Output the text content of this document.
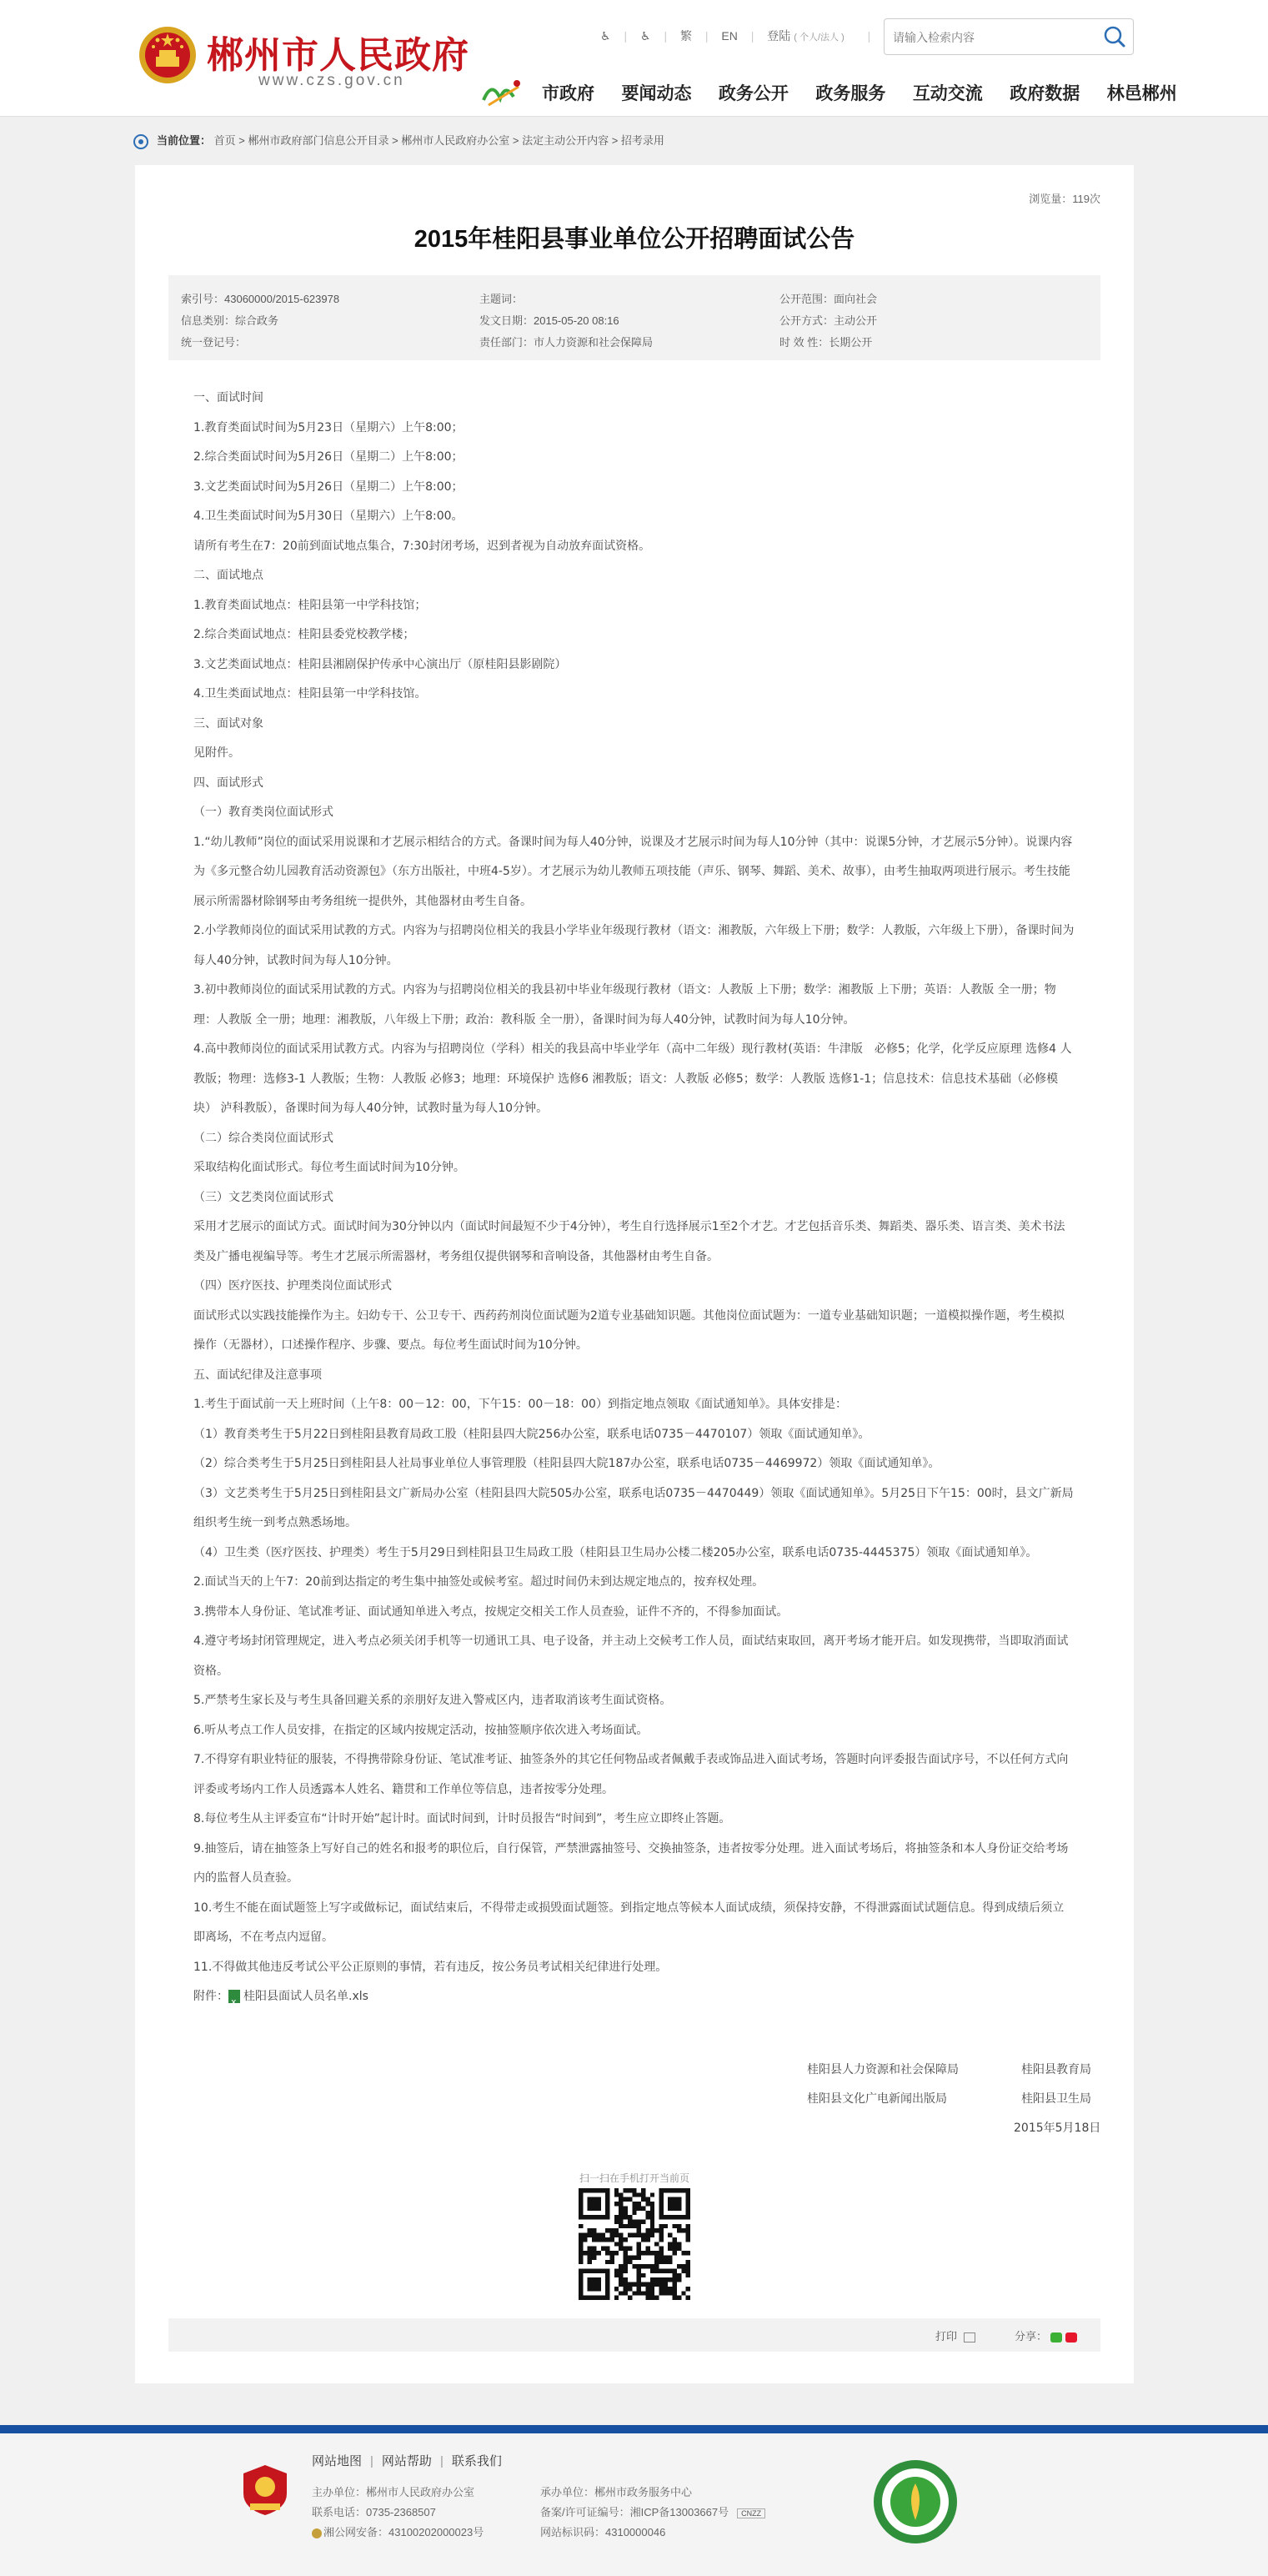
郴州市人民政府
www.czs.gov.cn
♿︎ | ♿ | 繁 | EN | 登陆 ( 个人/法人 ) |
请输入检索内容
市政府 要闻动态 政务公开 政务服务 互动交流 政府数据 林邑郴州
当前位置： 首页 > 郴州市政府部门信息公开目录 > 郴州市人民政府办公室 > 法定主动公开内容 > 招考录用
浏览量：119次
2015年桂阳县事业单位公开招聘面试公告
索引号：43060000/2015-623978
信息类别：综合政务
统一登记号：
主题词：
发文日期：2015-05-20 08:16
责任部门：市人力资源和社会保障局
公开范围：面向社会
公开方式：主动公开
时 效 性：长期公开

一、面试时间

1.教育类面试时间为5月23日（星期六）上午8:00；

2.综合类面试时间为5月26日（星期二）上午8:00；

3.文艺类面试时间为5月26日（星期二）上午8:00；

4.卫生类面试时间为5月30日（星期六）上午8:00。

请所有考生在7：20前到面试地点集合，7:30封闭考场，迟到者视为自动放弃面试资格。

二、面试地点

1.教育类面试地点：桂阳县第一中学科技馆；

2.综合类面试地点：桂阳县委党校教学楼；

3.文艺类面试地点：桂阳县湘剧保护传承中心演出厅（原桂阳县影剧院）

4.卫生类面试地点：桂阳县第一中学科技馆。

三、面试对象

见附件。

四、面试形式

（一）教育类岗位面试形式

1.“幼儿教师”岗位的面试采用说课和才艺展示相结合的方式。备课时间为每人40分钟，说课及才艺展示时间为每人10分钟（其中：说课5分钟，才艺展示5分钟）。说课内容为《多元整合幼儿园教育活动资源包》（东方出版社，中班4-5岁）。才艺展示为幼儿教师五项技能（声乐、钢琴、舞蹈、美术、故事），由考生抽取两项进行展示。考生技能展示所需器材除钢琴由考务组统一提供外，其他器材由考生自备。

2.小学教师岗位的面试采用试教的方式。内容为与招聘岗位相关的我县小学毕业年级现行教材（语文：湘教版，六年级上下册；数学：人教版，六年级上下册），备课时间为每人40分钟，试教时间为每人10分钟。

3.初中教师岗位的面试采用试教的方式。内容为与招聘岗位相关的我县初中毕业年级现行教材（语文：人教版 上下册；数学：湘教版 上下册；英语：人教版 全一册；物理：人教版 全一册；地理：湘教版，八年级上下册；政治：教科版 全一册），备课时间为每人40分钟，试教时间为每人10分钟。

4.高中教师岗位的面试采用试教方式。内容为与招聘岗位（学科）相关的我县高中毕业学年（高中二年级）现行教材(英语：牛津版　必修5；化学，化学反应原理 选修4 人教版；物理：选修3-1 人教版；生物：人教版 必修3；地理：环境保护 选修6 湘教版；语文：人教版 必修5；数学：人教版 选修1-1；信息技术：信息技术基础（必修模块） 泸科教版），备课时间为每人40分钟，试教时量为每人10分钟。

（二）综合类岗位面试形式

采取结构化面试形式。每位考生面试时间为10分钟。

（三）文艺类岗位面试形式

采用才艺展示的面试方式。面试时间为30分钟以内（面试时间最短不少于4分钟），考生自行选择展示1至2个才艺。才艺包括音乐类、舞蹈类、器乐类、语言类、美术书法类及广播电视编导等。考生才艺展示所需器材，考务组仅提供钢琴和音响设备，其他器材由考生自备。

（四）医疗医技、护理类岗位面试形式

面试形式以实践技能操作为主。妇幼专干、公卫专干、西药药剂岗位面试题为2道专业基础知识题。其他岗位面试题为：一道专业基础知识题；一道模拟操作题，考生模拟操作（无器材），口述操作程序、步骤、要点。每位考生面试时间为10分钟。

五、面试纪律及注意事项

1.考生于面试前一天上班时间（上午8：00－12：00，下午15：00－18：00）到指定地点领取《面试通知单》。具体安排是：

（1）教育类考生于5月22日到桂阳县教育局政工股（桂阳县四大院256办公室，联系电话0735－4470107）领取《面试通知单》。

（2）综合类考生于5月25日到桂阳县人社局事业单位人事管理股（桂阳县四大院187办公室，联系电话0735－4469972）领取《面试通知单》。

（3）文艺类考生于5月25日到桂阳县文广新局办公室（桂阳县四大院505办公室，联系电话0735－4470449）领取《面试通知单》。5月25日下午15：00时，县文广新局组织考生统一到考点熟悉场地。

（4）卫生类（医疗医技、护理类）考生于5月29日到桂阳县卫生局政工股（桂阳县卫生局办公楼二楼205办公室，联系电话0735-4445375）领取《面试通知单》。

2.面试当天的上午7：20前到达指定的考生集中抽签处或候考室。超过时间仍未到达规定地点的，按弃权处理。

3.携带本人身份证、笔试准考证、面试通知单进入考点，按规定交相关工作人员查验，证件不齐的，不得参加面试。

4.遵守考场封闭管理规定，进入考点必须关闭手机等一切通讯工具、电子设备，并主动上交候考工作人员，面试结束取回，离开考场才能开启。如发现携带，当即取消面试资格。

5.严禁考生家长及与考生具备回避关系的亲朋好友进入警戒区内，违者取消该考生面试资格。

6.听从考点工作人员安排，在指定的区域内按规定活动，按抽签顺序依次进入考场面试。

7.不得穿有职业特征的服装，不得携带除身份证、笔试准考证、抽签条外的其它任何物品或者佩戴手表或饰品进入面试考场，答题时向评委报告面试序号，不以任何方式向评委或考场内工作人员透露本人姓名、籍贯和工作单位等信息，违者按零分处理。

8.每位考生从主评委宣布“计时开始”起计时。面试时间到，计时员报告“时间到”，考生应立即终止答题。

9.抽签后，请在抽签条上写好自己的姓名和报考的职位后，自行保管，严禁泄露抽签号、交换抽签条，违者按零分处理。进入面试考场后，将抽签条和本人身份证交给考场内的监督人员查验。

10.考生不能在面试题签上写字或做标记，面试结束后，不得带走或损毁面试题签。到指定地点等候本人面试成绩，须保持安静，不得泄露面试试题信息。得到成绩后须立即离场，不在考点内逗留。

11.不得做其他违反考试公平公正原则的事情，若有违反，按公务员考试相关纪律进行处理。

附件：x 桂阳县面试人员名单.xls

桂阳县人力资源和社会保障局	桂阳县教育局
桂阳县文化广电新闻出版局	桂阳县卫生局
2015年5月18日
扫一扫在手机打开当前页
打印	分享：
网站地图 | 网站帮助 | 联系我们
主办单位：郴州市人民政府办公室
联系电话：0735-2368507
湘公网安备：43100202000023号
承办单位：郴州市政务服务中心
备案/许可证编号：湘ICP备13003667号 CNZZ
网站标识码：4310000046
